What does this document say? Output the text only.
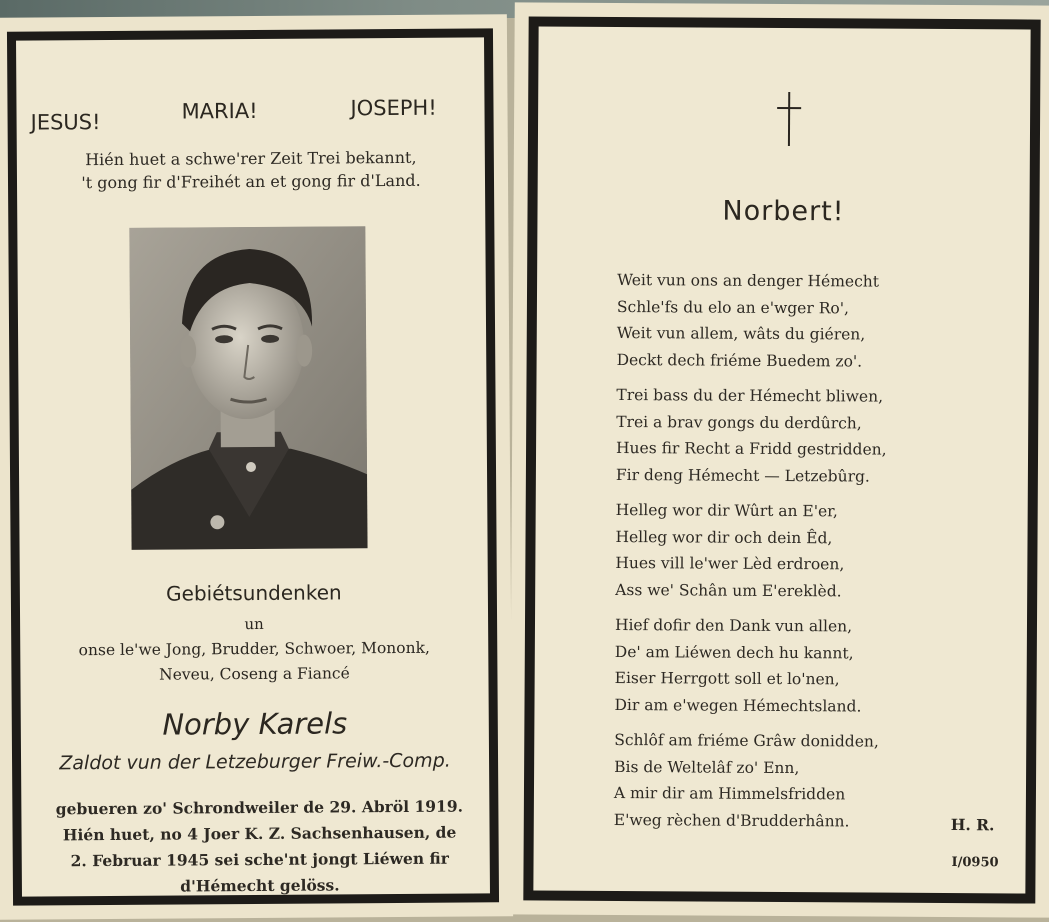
JESUS!	MARIA!	JOSEPH!
Hién huet a schwe'rer Zeit Trei bekannt,
't gong fir d'Freihét an et gong fir d'Land.
Gebiétsundenken
un
onse le'we Jong, Brudder, Schwoer, Mononk,
Neveu, Coseng a Fiancé
Norby Karels
Zaldot vun der Letzeburger Freiw.-Comp.
gebueren zo' Schrondweiler de 29. Abröl 1919.
Hién huet, no 4 Joer K. Z. Sachsenhausen, de
2. Februar 1945 sei sche'nt jongt Liéwen fir
d'Hémecht gelöss.
Norbert!
Weit vun ons an denger Hémecht
Schle'fs du elo an e'wger Ro',
Weit vun allem, wâts du giéren,
Deckt dech friéme Buedem zo'.
Trei bass du der Hémecht bliwen,
Trei a brav gongs du derdûrch,
Hues fir Recht a Fridd gestridden,
Fir deng Hémecht — Letzebûrg.
Helleg wor dir Wûrt an E'er,
Helleg wor dir och dein Êd,
Hues vill le'wer Lèd erdroen,
Ass we' Schân um E'ereklèd.
Hief dofir den Dank vun allen,
De' am Liéwen dech hu kannt,
Eiser Herrgott soll et lo'nen,
Dir am e'wegen Hémechtsland.
Schlôf am friéme Grâw donidden,
Bis de Weltelâf zo' Enn,
A mir dir am Himmelsfridden
E'weg rèchen d'Brudderhânn.	H. R.
I/0950
